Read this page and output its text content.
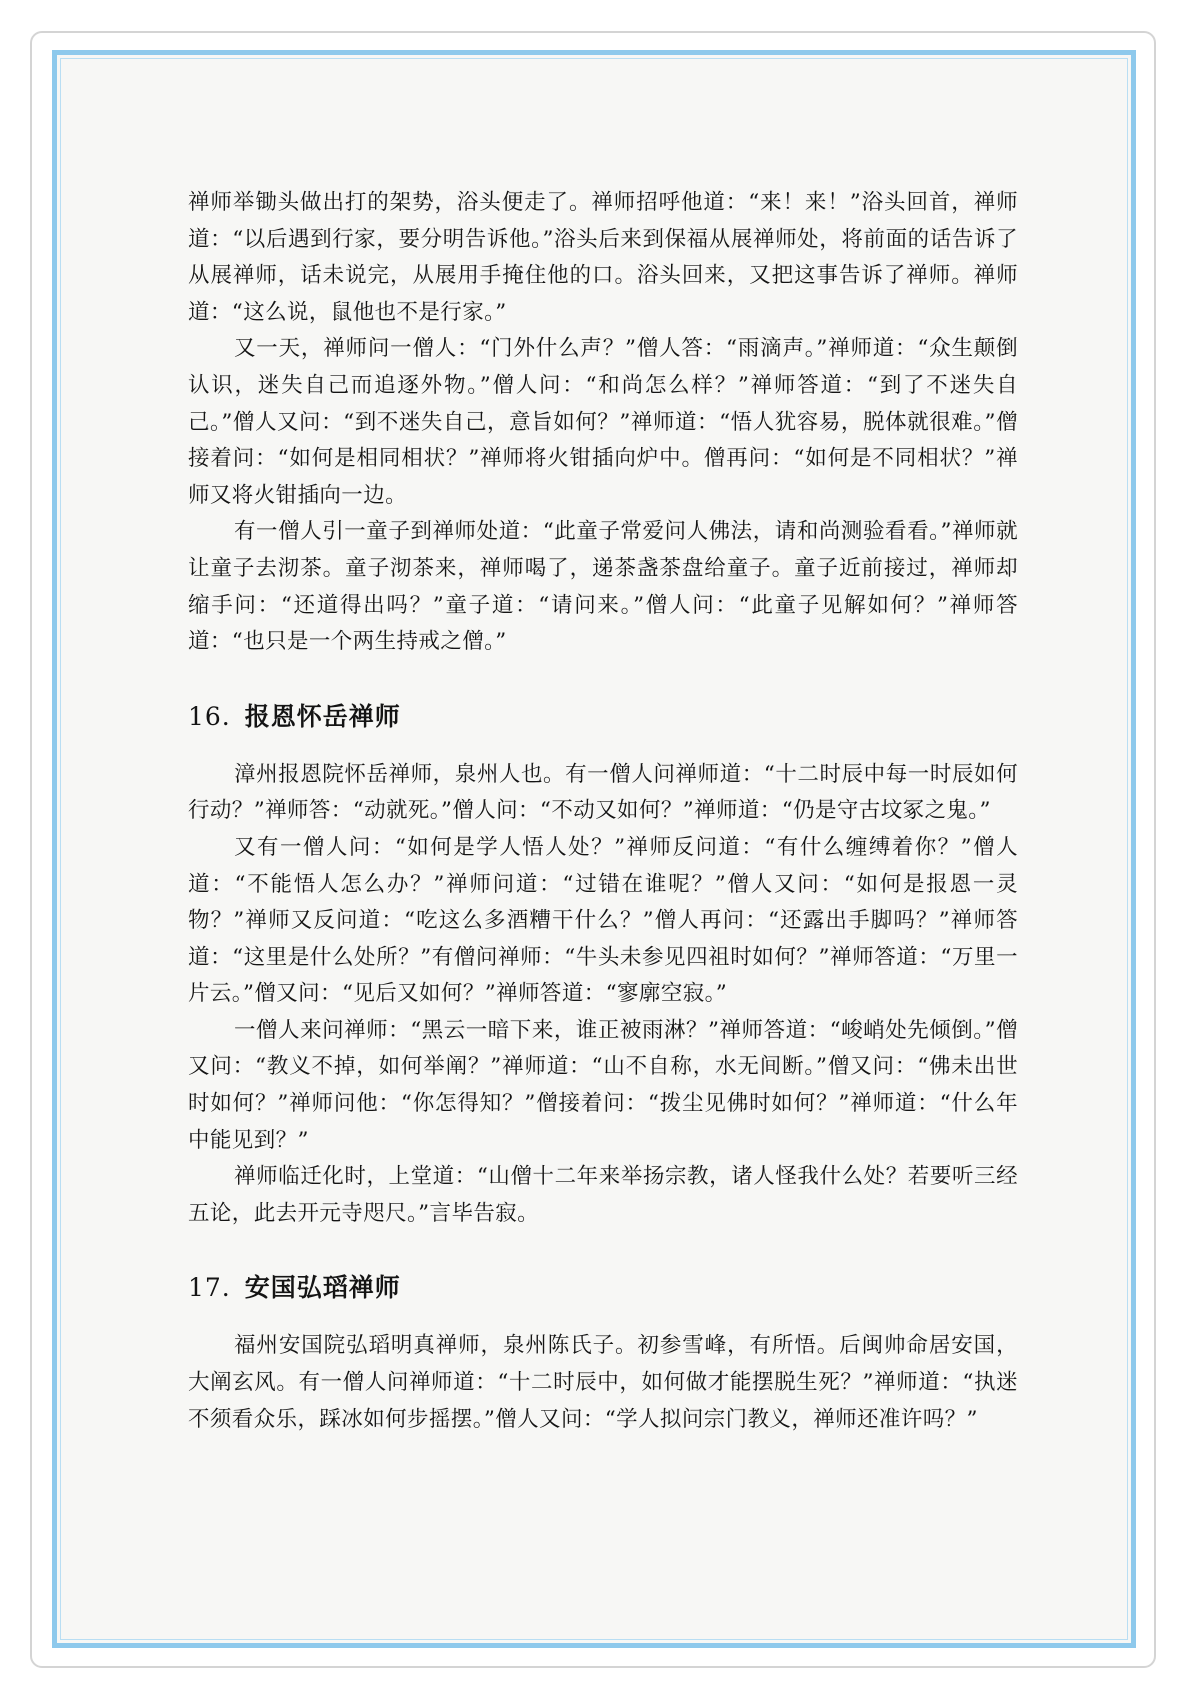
禅师举锄头做出打的架势，浴头便走了。禅师招呼他道：“来！来！”浴头回首，禅师道：“以后遇到行家，要分明告诉他。”浴头后来到保福从展禅师处，将前面的话告诉了从展禅师，话未说完，从展用手掩住他的口。浴头回来，又把这事告诉了禅师。禅师道：“这么说，鼠他也不是行家。”

又一天，禅师问一僧人：“门外什么声？”僧人答：“雨滴声。”禅师道：“众生颠倒认识，迷失自己而追逐外物。”僧人问：“和尚怎么样？”禅师答道：“到了不迷失自己。”僧人又问：“到不迷失自己，意旨如何？”禅师道：“悟人犹容易，脱体就很难。”僧接着问：“如何是相同相状？”禅师将火钳插向炉中。僧再问：“如何是不同相状？”禅师又将火钳插向一边。

有一僧人引一童子到禅师处道：“此童子常爱问人佛法，请和尚测验看看。”禅师就让童子去沏茶。童子沏茶来，禅师喝了，递茶盏茶盘给童子。童子近前接过，禅师却缩手问：“还道得出吗？”童子道：“请问来。”僧人问：“此童子见解如何？”禅师答道：“也只是一个两生持戒之僧。”

16. 报恩怀岳禅师

漳州报恩院怀岳禅师，泉州人也。有一僧人问禅师道：“十二时辰中每一时辰如何行动？”禅师答：“动就死。”僧人问：“不动又如何？”禅师道：“仍是守古坟冢之鬼。”

又有一僧人问：“如何是学人悟人处？”禅师反问道：“有什么缠缚着你？”僧人道：“不能悟人怎么办？”禅师问道：“过错在谁呢？”僧人又问：“如何是报恩一灵物？”禅师又反问道：“吃这么多酒糟干什么？”僧人再问：“还露出手脚吗？”禅师答道：“这里是什么处所？”有僧问禅师：“牛头未参见四祖时如何？”禅师答道：“万里一片云。”僧又问：“见后又如何？”禅师答道：“寥廓空寂。”

一僧人来问禅师：“黑云一暗下来，谁正被雨淋？”禅师答道：“峻峭处先倾倒。”僧又问：“教义不掉，如何举阐？”禅师道：“山不自称，水无间断。”僧又问：“佛未出世时如何？”禅师问他：“你怎得知？”僧接着问：“拨尘见佛时如何？”禅师道：“什么年中能见到？”

禅师临迁化时，上堂道：“山僧十二年来举扬宗教，诸人怪我什么处？若要听三经五论，此去开元寺咫尺。”言毕告寂。

17. 安国弘瑫禅师

福州安国院弘瑫明真禅师，泉州陈氏子。初参雪峰，有所悟。后闽帅命居安国，大阐玄风。有一僧人问禅师道：“十二时辰中，如何做才能摆脱生死？”禅师道：“执迷不须看众乐，踩冰如何步摇摆。”僧人又问：“学人拟问宗门教义，禅师还准许吗？”
